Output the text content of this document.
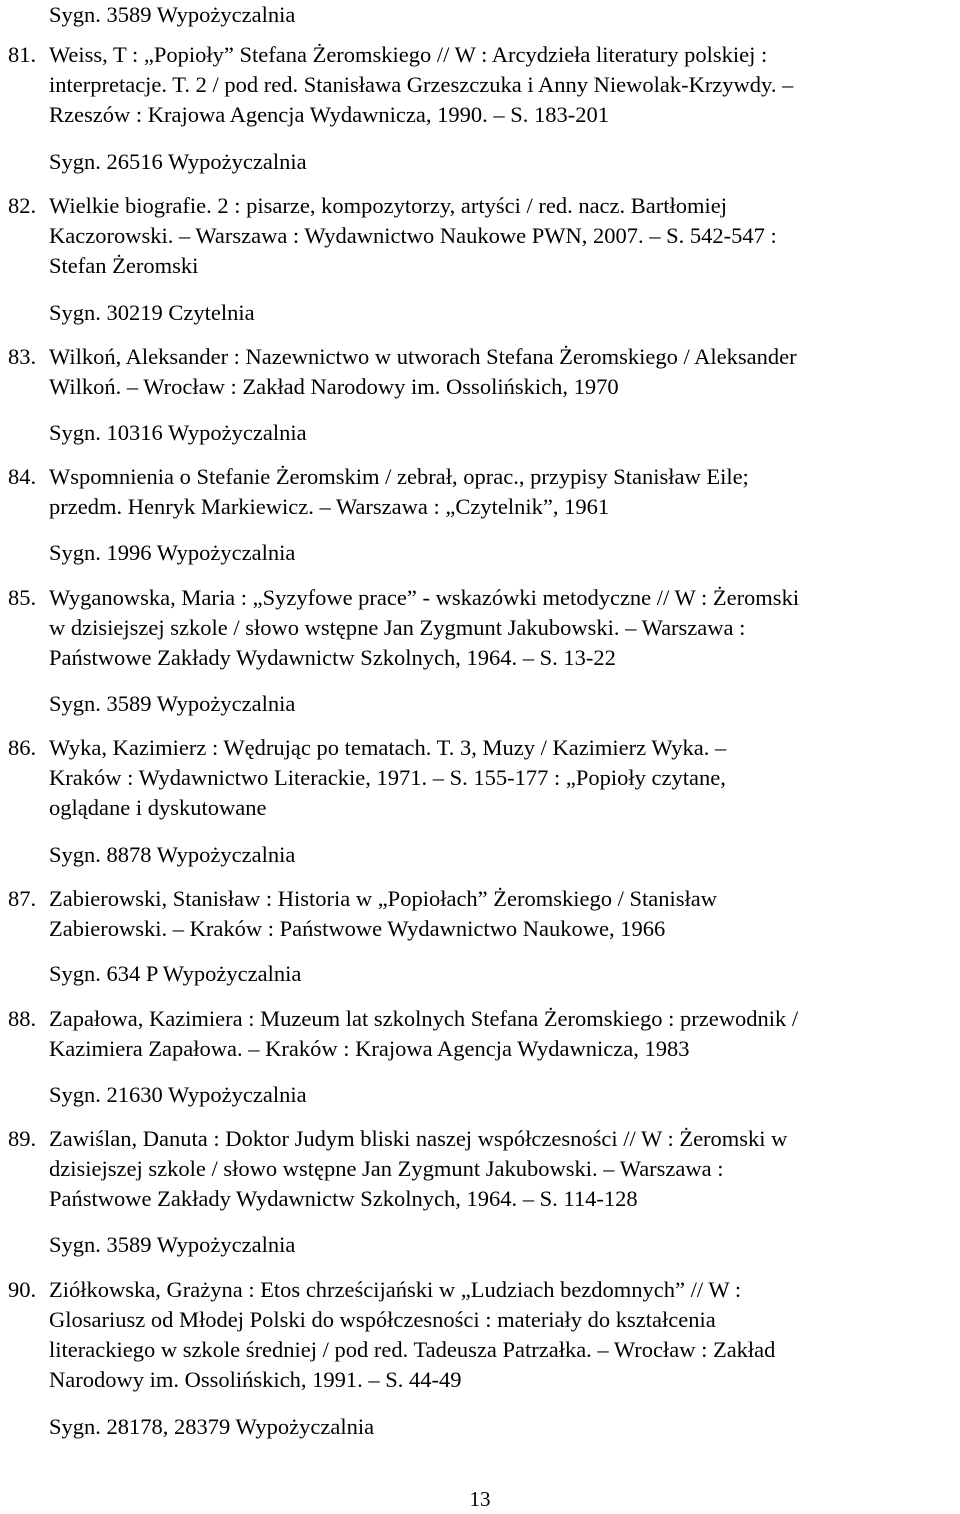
Sygn. 3589 Wypożyczalnia
81. Weiss, T : „Popioły” Stefana Żeromskiego // W : Arcydzieła literatury polskiej :
interpretacje. T. 2 / pod red. Stanisława Grzeszczuka i Anny Niewolak-Krzywdy. –
Rzeszów : Krajowa Agencja Wydawnicza, 1990. – S. 183-201
Sygn. 26516 Wypożyczalnia
82. Wielkie biografie. 2 : pisarze, kompozytorzy, artyści / red. nacz. Bartłomiej
Kaczorowski. – Warszawa : Wydawnictwo Naukowe PWN, 2007. – S. 542-547 :
Stefan Żeromski
Sygn. 30219 Czytelnia
83. Wilkoń, Aleksander : Nazewnictwo w utworach Stefana Żeromskiego / Aleksander
Wilkoń. – Wrocław : Zakład Narodowy im. Ossolińskich, 1970
Sygn. 10316 Wypożyczalnia
84. Wspomnienia o Stefanie Żeromskim / zebrał, oprac., przypisy Stanisław Eile;
przedm. Henryk Markiewicz. – Warszawa : „Czytelnik”, 1961
Sygn. 1996 Wypożyczalnia
85. Wyganowska, Maria : „Syzyfowe prace” - wskazówki metodyczne // W : Żeromski
w dzisiejszej szkole / słowo wstępne Jan Zygmunt Jakubowski. – Warszawa :
Państwowe Zakłady Wydawnictw Szkolnych, 1964. – S. 13-22
Sygn. 3589 Wypożyczalnia
86. Wyka, Kazimierz : Wędrując po tematach. T. 3, Muzy / Kazimierz Wyka. –
Kraków : Wydawnictwo Literackie, 1971. – S. 155-177 : „Popioły czytane,
oglądane i dyskutowane
Sygn. 8878 Wypożyczalnia
87. Zabierowski, Stanisław : Historia w „Popiołach” Żeromskiego / Stanisław
Zabierowski. – Kraków : Państwowe Wydawnictwo Naukowe, 1966
Sygn. 634 P Wypożyczalnia
88. Zapałowa, Kazimiera : Muzeum lat szkolnych Stefana Żeromskiego : przewodnik /
Kazimiera Zapałowa. – Kraków : Krajowa Agencja Wydawnicza, 1983
Sygn. 21630 Wypożyczalnia
89. Zawiślan, Danuta : Doktor Judym bliski naszej współczesności // W : Żeromski w
dzisiejszej szkole / słowo wstępne Jan Zygmunt Jakubowski. – Warszawa :
Państwowe Zakłady Wydawnictw Szkolnych, 1964. – S. 114-128
Sygn. 3589 Wypożyczalnia
90. Ziółkowska, Grażyna : Etos chrześcijański w „Ludziach bezdomnych” // W :
Glosariusz od Młodej Polski do współczesności : materiały do kształcenia
literackiego w szkole średniej / pod red. Tadeusza Patrzałka. – Wrocław : Zakład
Narodowy im. Ossolińskich, 1991. – S. 44-49
Sygn. 28178, 28379 Wypożyczalnia
13
